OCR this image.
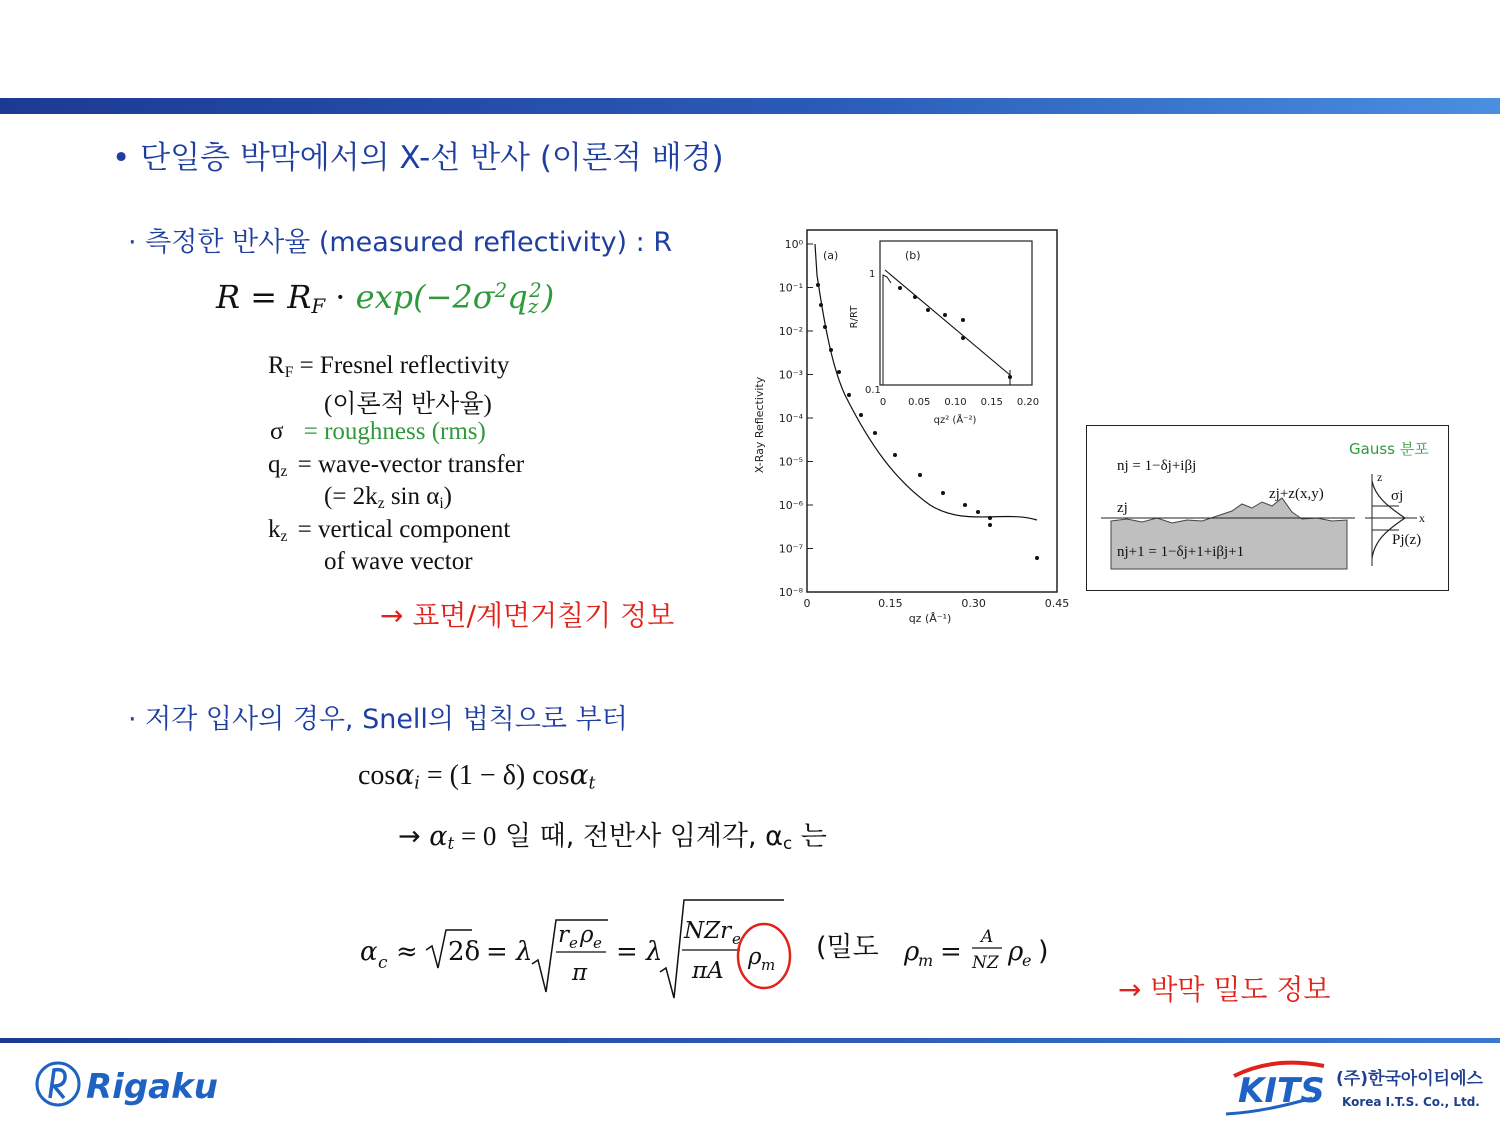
• 단일층 박막에서의 X-선 반사 (이론적 배경)
· 측정한 반사율 (measured reflectivity) : R
$R = R_F \cdot \exp(-2\sigma^2q_z^2)$
$R_F$ = Fresnel reflectivity
(이론적 반사율)
σ = roughness (rms)
$q_z$ = wave-vector transfer
(= $2k_z$ $\sin \alpha_i$)
$k_z$ = vertical component
of wave vector
→ 표면/계면거칠기 정보
10⁰
10⁻¹
10⁻²
10⁻³
10⁻⁴
10⁻⁵
10⁻⁶
10⁻⁷
10⁻⁸
0	0.15	0.30	0.45
X-Ray Reflectivity
qz (Å⁻¹)
(a)	(b)
1
0.1
R/RT
0 0.05 0.10 0.15 0.20
qz² (Å⁻²)
Gauss 분포
nj = 1−δj+iβj
zj
zj+z(x,y)
nj+1 = 1−δj+1+iβj+1
σj
Pj(z)
z
x
· 저각 입사의 경우, Snell의 법칙으로 부터
cosα$_i$ = (1 − δ) cosα$_t$
→ $\alpha_t = 0$ 일 때, 전반사 임계각, $\alpha_c$ 는
α c ≈ 2δ = λ
r e ρ e
π
= λ
NZr e
πA
ρ m
(밀도 ρ
m = A
NZ ρ
e )
→ 박막 밀도 정보
Rigaku	KITS (주)한국아이티에스
Korea I.T.S. Co., Ltd.
